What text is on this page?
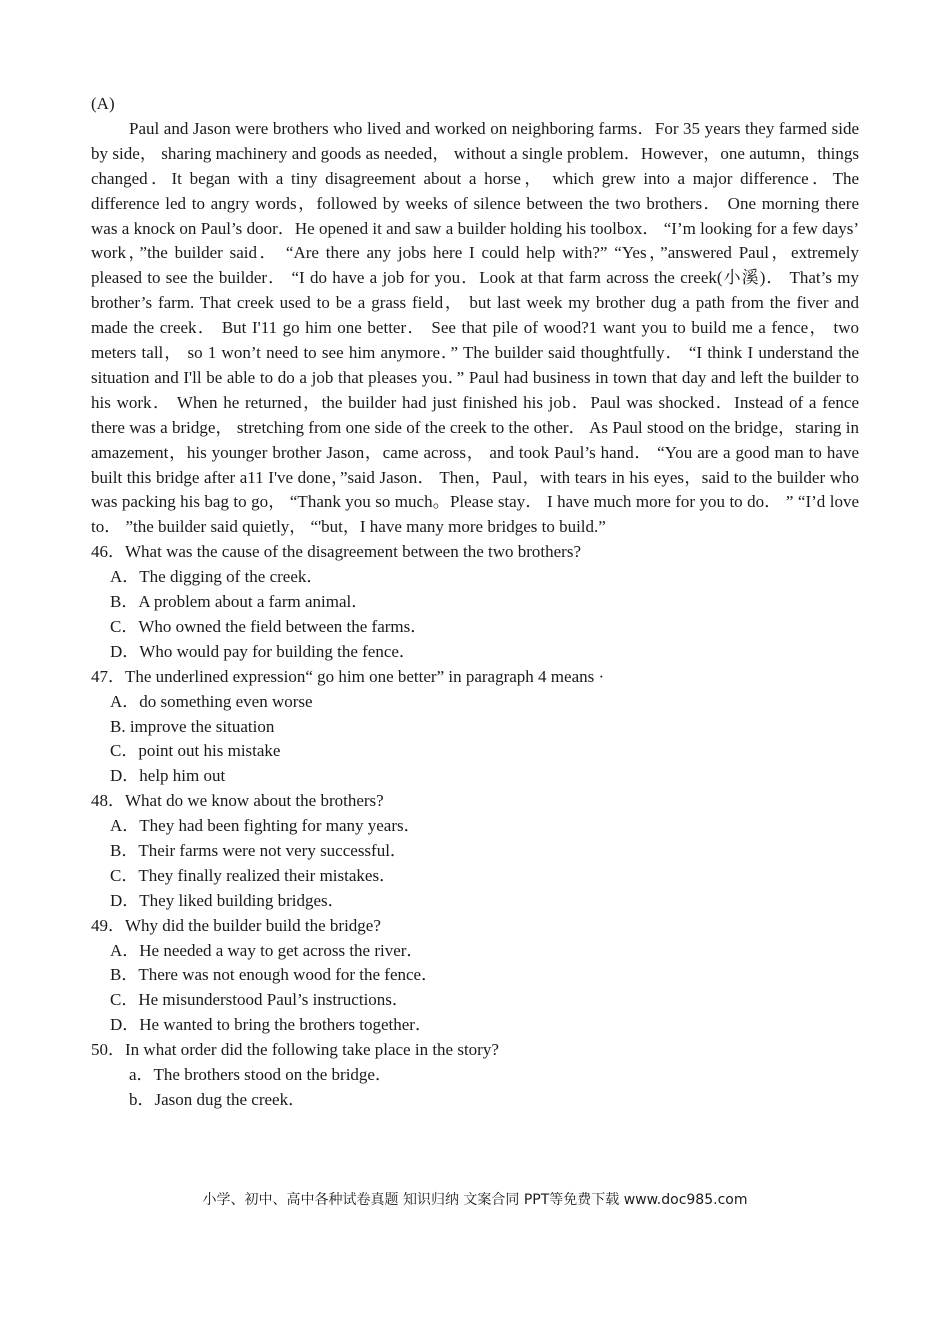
(A)

Paul and Jason were brothers who lived and worked on neighboring farms．For 35 years they farmed side by side， sharing machinery and goods as needed， without a single problem．However，one autumn，things changed．It began with a tiny disagreement about a horse， which grew into a major difference．The difference led to angry words，followed by weeks of silence between the two brothers． One morning there was a knock on Paul’s door．He opened it and saw a builder holding his toolbox． “I’m looking for a few days’ work，”the builder said． “Are there any jobs here I could help with?” “Yes，”answered Paul，extremely pleased to see the builder． “I do have a job for you．Look at that farm across the creek(小溪)． That’s my brother’s farm. That creek used to be a grass field， but last week my brother dug a path from the fiver and made the creek． But I'11 go him one better． See that pile of wood?1 want you to build me a fence， two meters tall， so 1 won’t need to see him anymore．” The builder said thoughtfully． “I think I understand the situation and I'll be able to do a job that pleases you．” Paul had business in town that day and left the builder to his work． When he returned，the builder had just finished his job．Paul was shocked．Instead of a fence there was a bridge， stretching from one side of the creek to the other． As Paul stood on the bridge，staring in amazement，his younger brother Jason，came across， and took Paul’s hand． “You are a good man to have built this bridge after a11 I've done，”said Jason． Then，Paul，with tears in his eyes，said to the builder who was packing his bag to go， “Thank you so much。Please stay． I have much more for you to do． ” “I’d love to． ”the builder said quietly， “'but，I have many more bridges to build.”

46．What was the cause of the disagreement between the two brothers?
A．The digging of the creek．
B．A problem about a farm animal．
C．Who owned the field between the farms．
D．Who would pay for building the fence．
47．The underlined expression“ go him one better” in paragraph 4 means ·
A．do something even worse
B. improve the situation
C．point out his mistake
D．help him out
48．What do we know about the brothers?
A．They had been fighting for many years．
B．Their farms were not very successful．
C．They finally realized their mistakes．
D．They liked building bridges．
49．Why did the builder build the bridge?
A．He needed a way to get across the river．
B．There was not enough wood for the fence．
C．He misunderstood Paul’s instructions．
D．He wanted to bring the brothers together．
50．In what order did the following take place in the story?
a．The brothers stood on the bridge．
b．Jason dug the creek．
小学、初中、高中各种试卷真题 知识归纳 文案合同 PPT等免费下载 www.doc985.com
